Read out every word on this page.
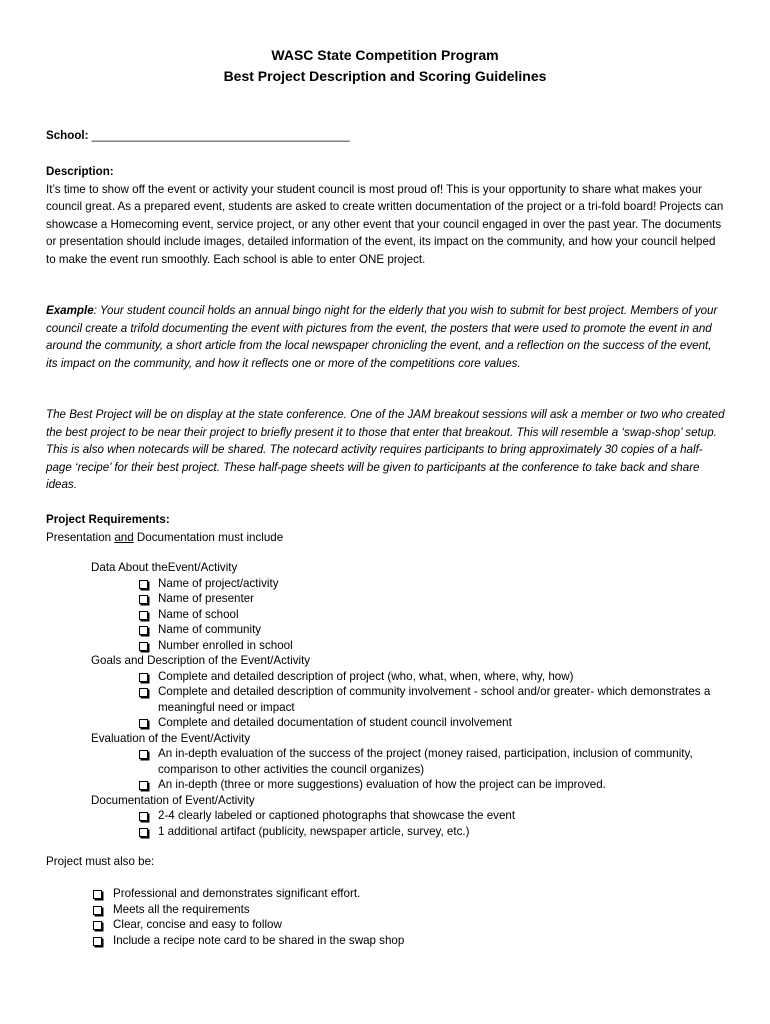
WASC State Competition Program
Best Project Description and Scoring Guidelines
School: ________________________________________
Description:
It’s time to show off the event or activity your student council is most proud of! This is your opportunity to share what makes your council great. As a prepared event, students are asked to create written documentation of the project or a tri-fold board! Projects can showcase a Homecoming event, service project, or any other event that your council engaged in over the past year. The documents or presentation should include images, detailed information of the event, its impact on the community, and how your council helped to make the event run smoothly. Each school is able to enter ONE project.
Example: Your student council holds an annual bingo night for the elderly that you wish to submit for best project. Members of your council create a trifold documenting the event with pictures from the event, the posters that were used to promote the event in and around the community, a short article from the local newspaper chronicling the event, and a reflection on the success of the event, its impact on the community, and how it reflects one or more of the competitions core values.
The Best Project will be on display at the state conference. One of the JAM breakout sessions will ask a member or two who created the best project to be near their project to briefly present it to those that enter that breakout. This will resemble a ‘swap-shop’ setup. This is also when notecards will be shared. The notecard activity requires participants to bring approximately 30 copies of a half-page ‘recipe’ for their best project. These half-page sheets will be given to participants at the conference to take back and share ideas.
Project Requirements:
Presentation and Documentation must include
Data About theEvent/Activity
Name of project/activity
Name of presenter
Name of school
Name of community
Number enrolled in school
Goals and Description of the Event/Activity
Complete and detailed description of project (who, what, when, where, why, how)
Complete and detailed description of community involvement - school and/or greater- which demonstrates a meaningful need or impact
Complete and detailed documentation of student council involvement
Evaluation of the Event/Activity
An in-depth evaluation of the success of the project (money raised, participation, inclusion of community, comparison to other activities the council organizes)
An in-depth (three or more suggestions) evaluation of how the project can be improved.
Documentation of Event/Activity
2-4 clearly labeled or captioned photographs that showcase the event
1 additional artifact (publicity, newspaper article, survey, etc.)
Project must also be:
Professional and demonstrates significant effort.
Meets all the requirements
Clear, concise and easy to follow
Include a recipe note card to be shared in the swap shop
